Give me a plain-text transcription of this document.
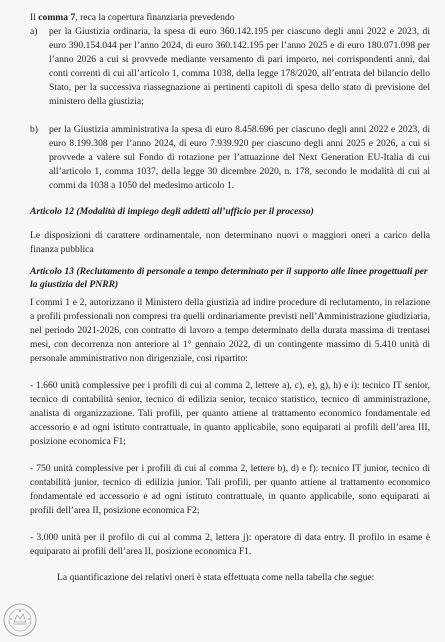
Il comma 7, reca la copertura finanziaria prevedendo

a) per la Giustizia ordinaria, la spesa di euro 360.142.195 per ciascuno degli anni 2022 e 2023, di euro 390.154.044 per l’anno 2024, di euro 360.142.195 per l’anno 2025 e di euro 180.071.098 per l’anno 2026 a cui si provvede mediante versamento di pari importo, nei corrispondenti anni, dai conti correnti di cui all’articolo 1, comma 1038, della legge 178/2020, all’entrata del bilancio dello Stato, per la successiva riassegnazione ai pertinenti capitoli di spesa dello stato di previsione del ministero della giustizia;

b) per la Giustizia amministrativa la spesa di euro 8.458.696 per ciascuno degli anni 2022 e 2023, di euro 8.199.308 per l’anno 2024, di euro 7.939.920 per ciascuno degli anni 2025 e 2026, a cui si provvede a valere sul Fondo di rotazione per l’attuazione del Next Generation EU-Italia di cui all’articolo 1, comma 1037, della legge 30 dicembre 2020, n. 178, secondo le modalità di cui ai commi da 1038 a 1050 del medesimo articolo 1.

Articolo 12 (Modalità di impiego degli addetti all’ufficio per il processo)

Le disposizioni di carattere ordinamentale, non determinano nuovi o maggiori oneri a carico della finanza pubblica

Articolo 13 (Reclutamento di personale a tempo determinato per il supporto alle linee progettuali per la giustizia del PNRR)

I commi 1 e 2, autorizzano il Ministero della giustizia ad indire procedure di reclutamento, in relazione a profili professionali non compresi tra quelli ordinariamente previsti nell’Amministrazione giudiziaria, nel periodo 2021-2026, con contratto di lavoro a tempo determinato della durata massima di trentasei mesi, con decorrenza non anteriore al 1° gennaio 2022, di un contingente massimo di 5.410 unità di personale amministrativo non dirigenziale, così ripartito:

- 1.660 unità complessive per i profili di cui al comma 2, lettere a), c), e), g), h) e i): tecnico IT senior, tecnico di contabilità senior, tecnico di edilizia senior, tecnico statistico, tecnico di amministrazione, analista di organizzazione. Tali profili, per quanto attiene al trattamento economico fondamentale ed accessorio e ad ogni istituto contrattuale, in quanto applicabile, sono equiparati ai profili dell’area III, posizione economica F1;

- 750 unità complessive per i profili di cui al comma 2, lettere b), d) e f): tecnico IT junior, tecnico di contabilità junior, tecnico di edilizia junior. Tali profili, per quanto attiene al trattamento economico fondamentale ed accessorio e ad ogni istituto contrattuale, in quanto applicabile, sono equiparati ai profili dell’area II, posizione economica F2;

- 3.000 unità per il profilo di cui al comma 2, lettera j): operatore di data entry. Il profilo in esame è equiparato ai profili dell’area II, posizione economica F1.

La quantificazione dei relativi oneri è stata effettuata come nella tabella che segue:
